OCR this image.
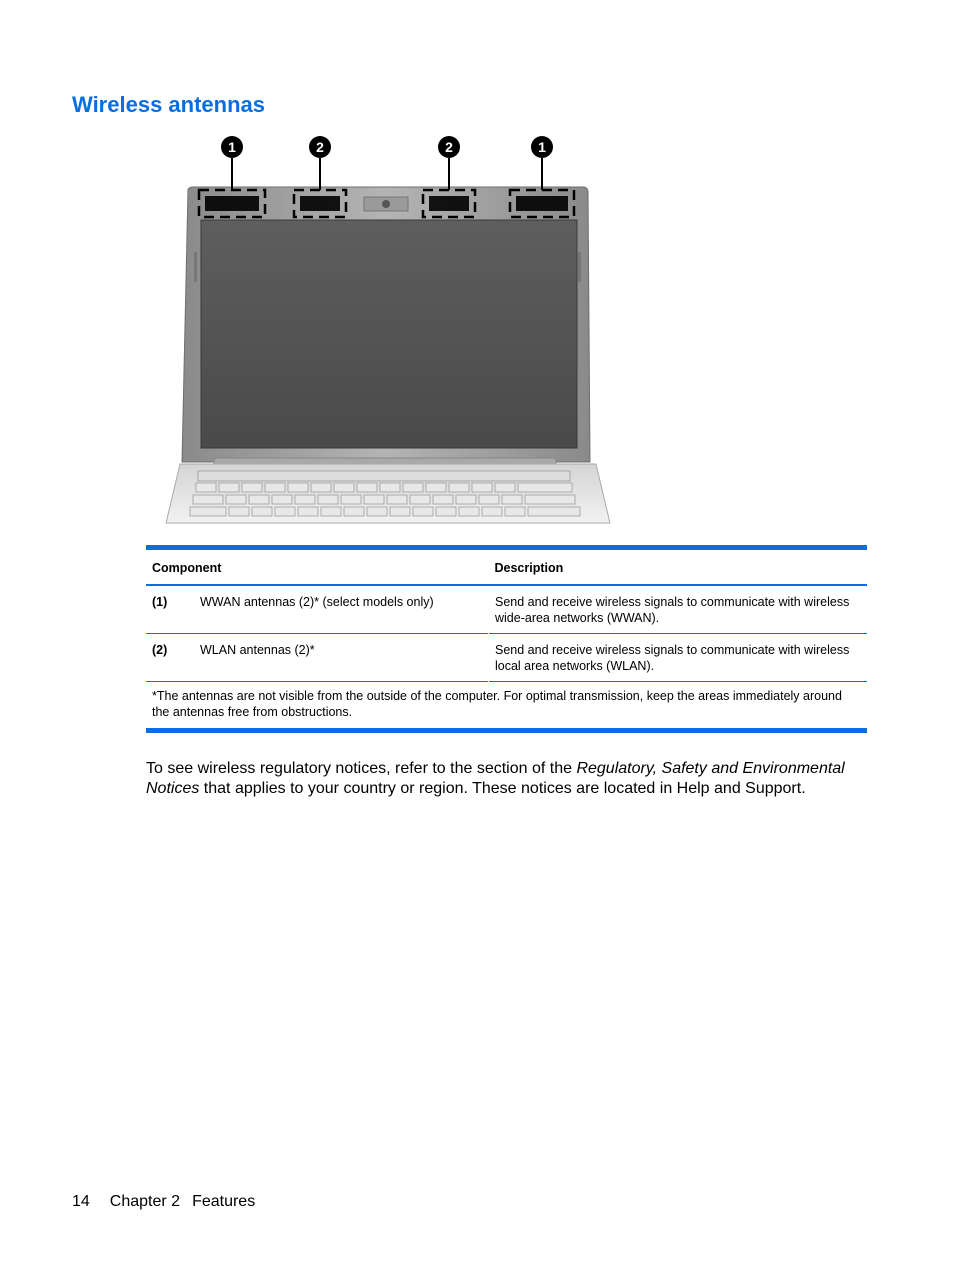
Wireless antennas
1	2	2	1
Component		Description
(1)	WWAN antennas (2)* (select models only)	Send and receive wireless signals to communicate with wireless wide-area networks (WWAN).
(2)	WLAN antennas (2)*	Send and receive wireless signals to communicate with wireless local area networks (WLAN).
*The antennas are not visible from the outside of the computer. For optimal transmission, keep the areas immediately around the antennas free from obstructions.		

To see wireless regulatory notices, refer to the section of the Regulatory, Safety and Environmental Notices that applies to your country or region. These notices are located in Help and Support.

14 Chapter 2 Features
